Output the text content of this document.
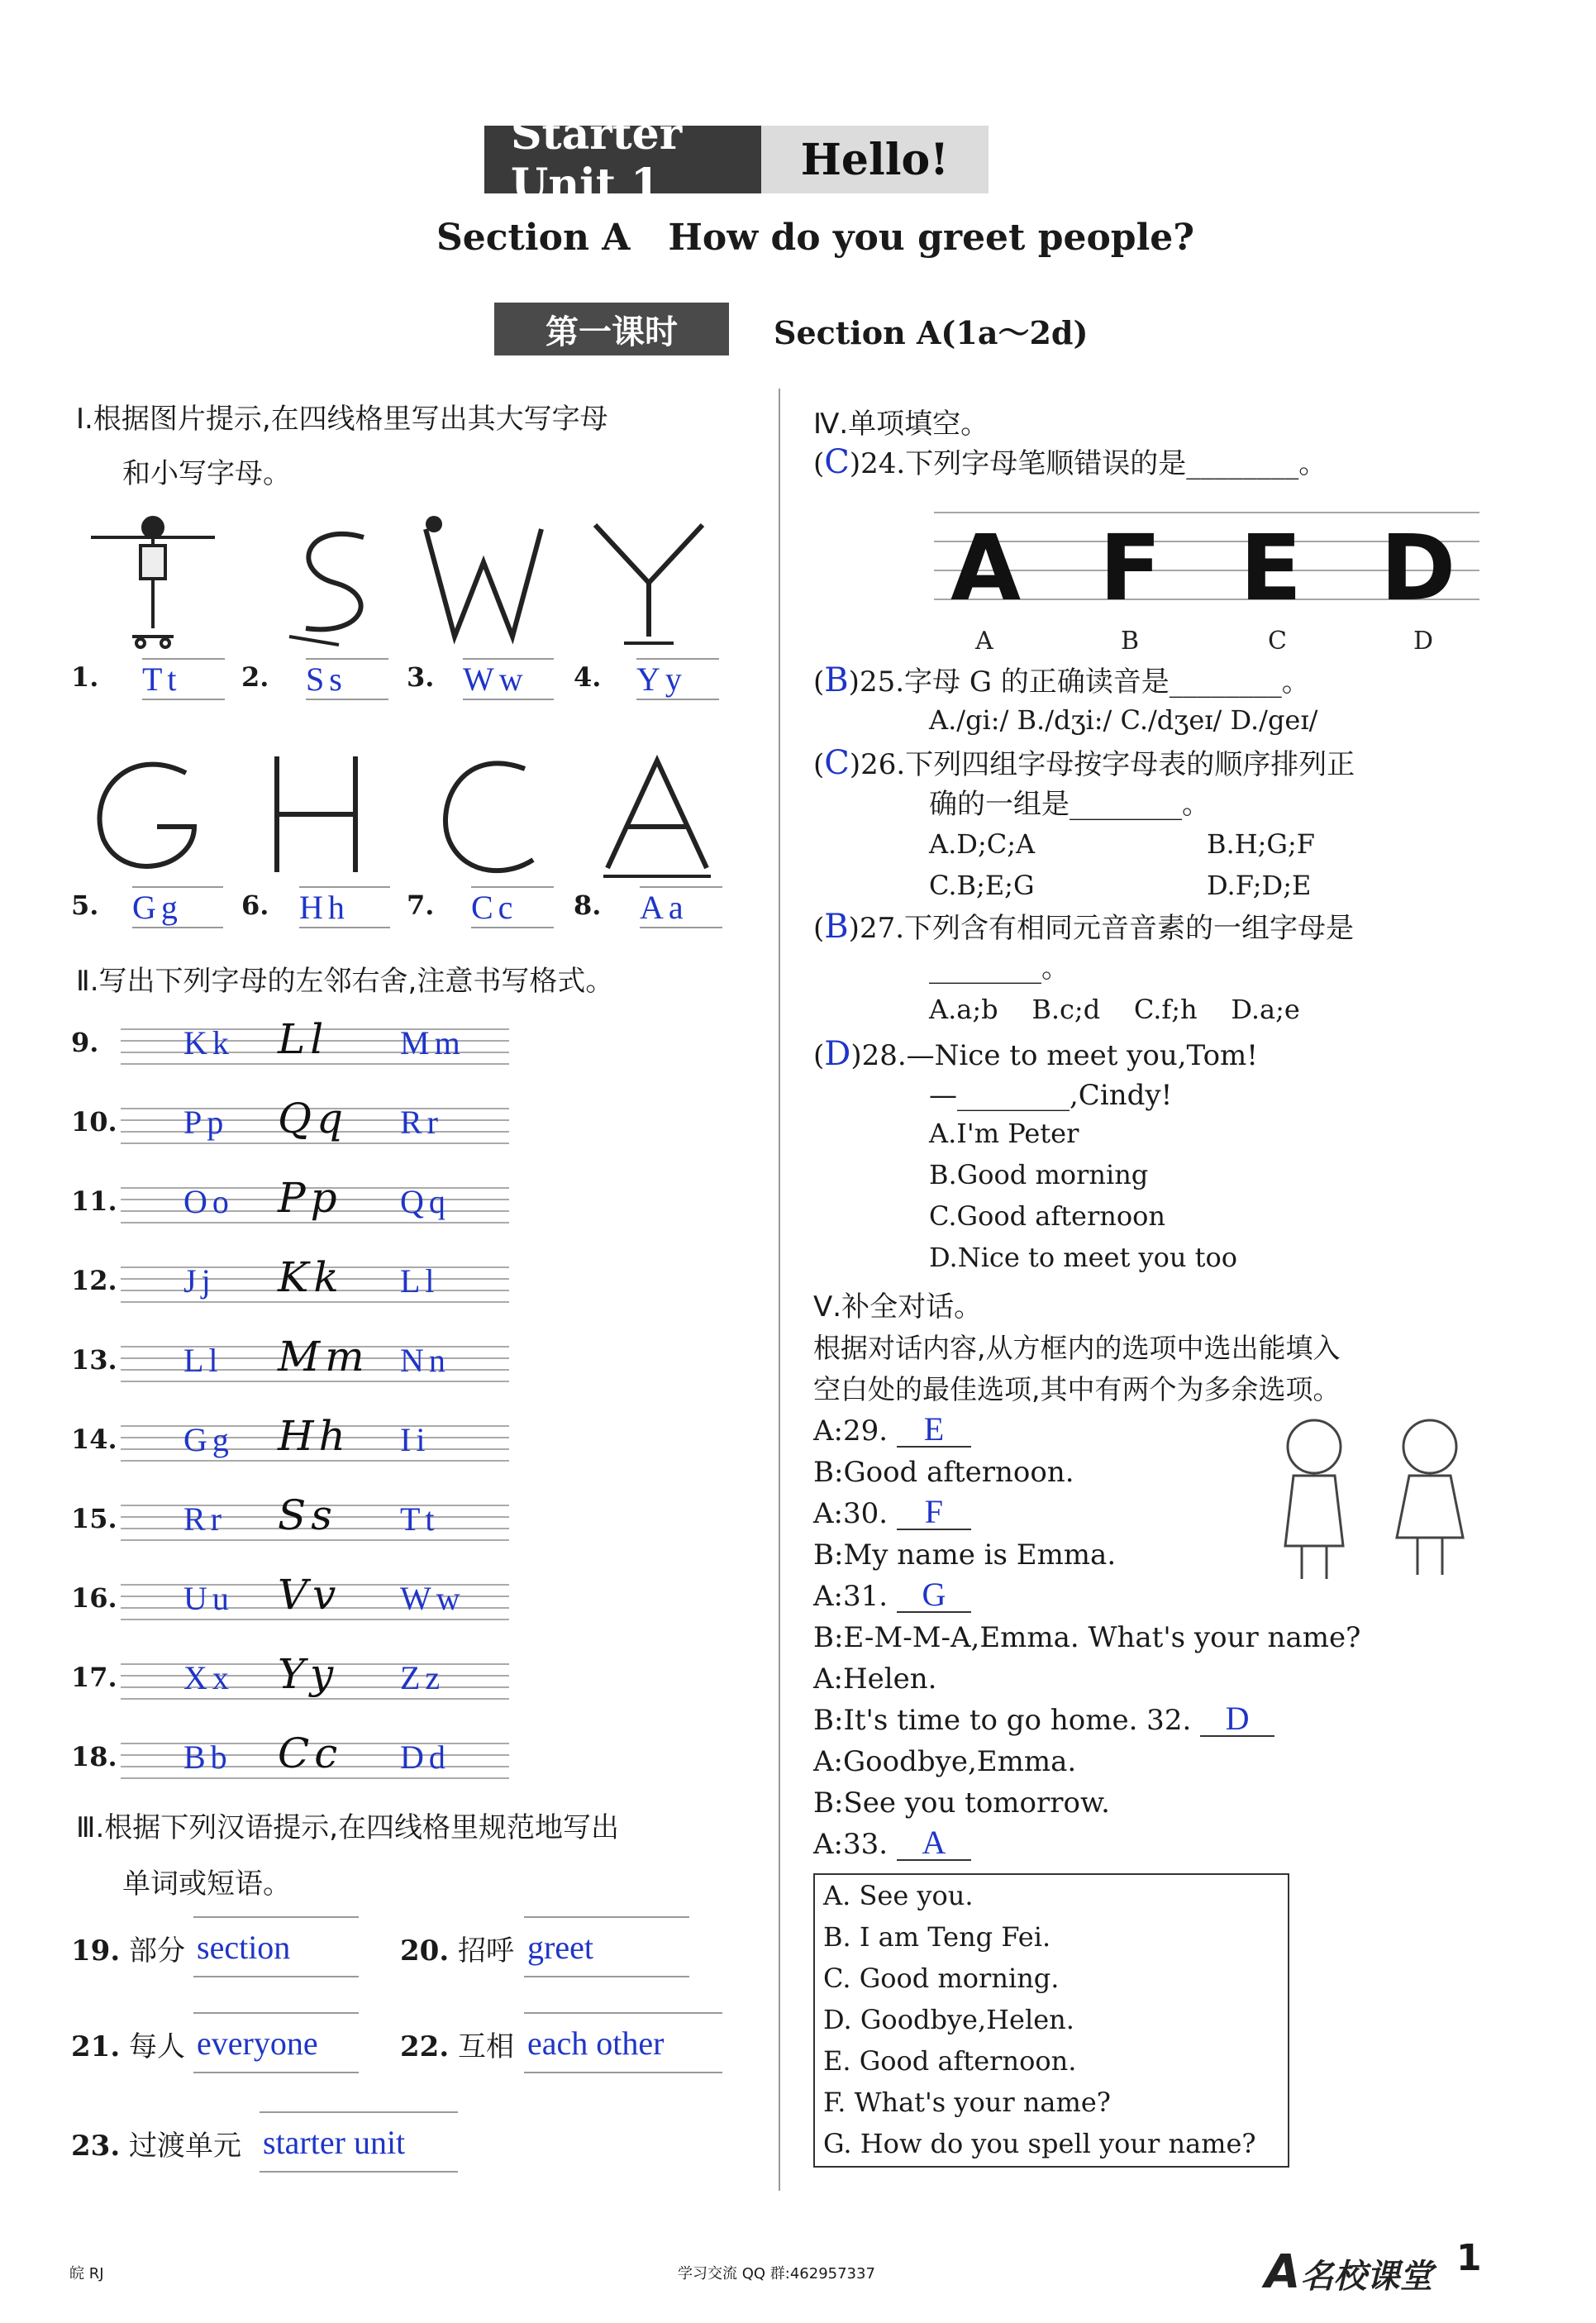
Starter Unit 1	Hello!
Section A   How do you greet people?
第一课时	Section A(1a～2d)
Ⅰ.根据图片提示,在四线格里写出其大写字母
和小写字母。
1. Tt	2. Ss	3. Ww	4. Yy
5. Gg	6. Hh	7. Cc	8. Aa
Ⅱ.写出下列字母的左邻右舍,注意书写格式。
9.	Kk Ll Mm
10. Pp Qq Rr
11. Oo Pp Qq
12. Jj Kk Ll
13. Ll Mm Nn
14. Gg Hh Ii
15. Rr Ss Tt
16. Uu Vv Ww
17. Xx Yy Zz
18. Bb Cc Dd
Ⅲ.根据下列汉语提示,在四线格里规范地写出
单词或短语。
19. 部分 section	20. 招呼 greet
21. 每人 everyone	22. 互相 each other
23. 过渡单元 starter unit
Ⅳ.单项填空。
(C)24.下列字母笔顺错误的是________。
A F E D
A	B	C	D
(B)25.字母 G 的正确读音是________。
A./gi:/ B./dʒi:/ C./dʒeɪ/ D./geɪ/
(C)26.下列四组字母按字母表的顺序排列正
确的一组是________。
A.D;C;A	B.H;G;F
C.B;E;G	D.F;D;E
(B)27.下列含有相同元音音素的一组字母是
________。
A.a;b    B.c;d    C.f;h    D.a;e
(D)28.—Nice to meet you,Tom!
—________,Cindy!
A.I'm Peter
B.Good morning
C.Good afternoon
D.Nice to meet you too
Ⅴ.补全对话。
根据对话内容,从方框内的选项中选出能填入
空白处的最佳选项,其中有两个为多余选项。
A:29. E
B:Good afternoon.
A:30. F
B:My name is Emma.
A:31. G
B:E-M-M-A,Emma. What's your name?
A:Helen.
B:It's time to go home. 32. D
A:Goodbye,Emma.
B:See you tomorrow.
A:33. A
A. See you.
B. I am Teng Fei.
C. Good morning.
D. Goodbye,Helen.
E. Good afternoon.
F. What's your name?
G. How do you spell your name?
皖 RJ	学习交流 QQ 群:462957337	A名校课堂 1
